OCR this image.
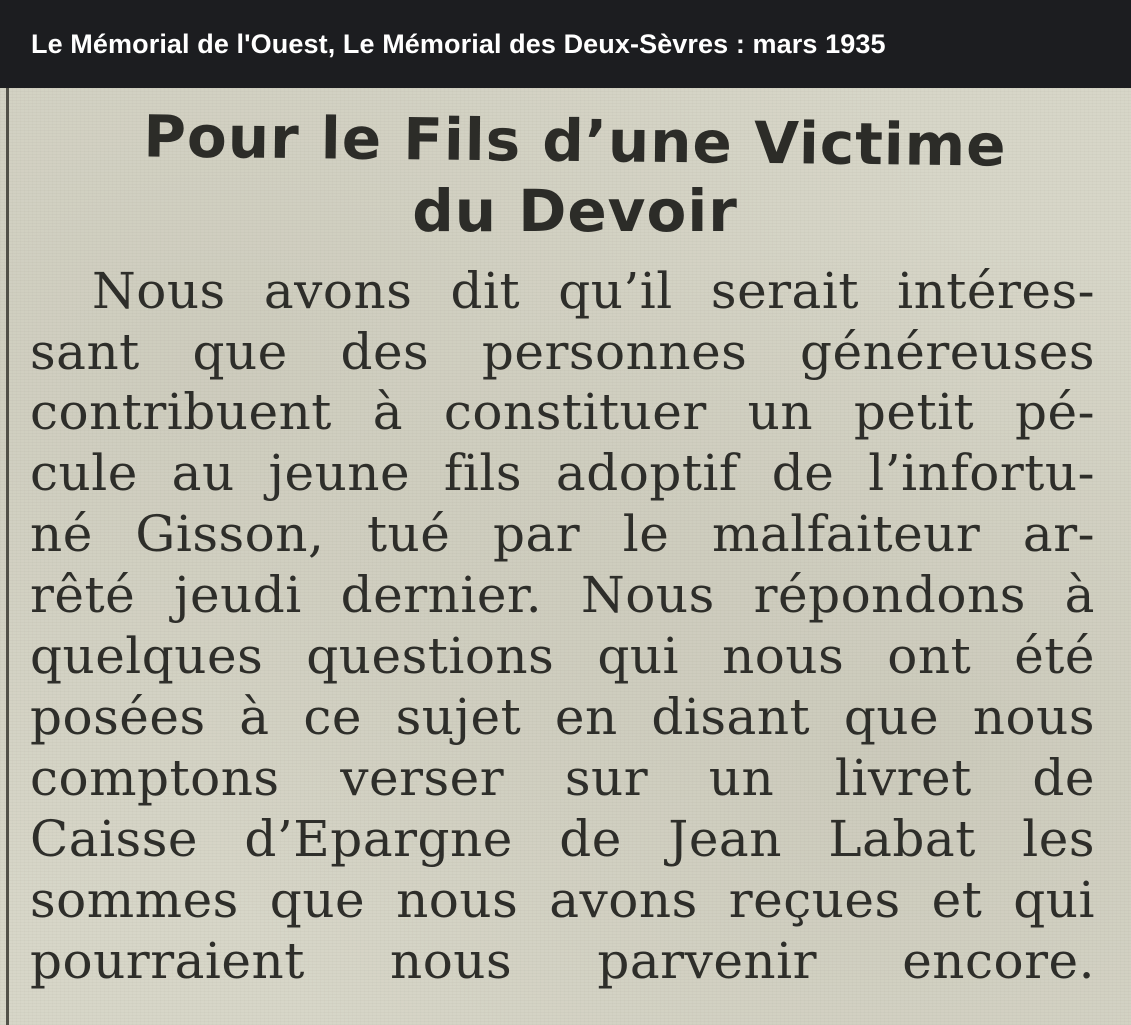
Le Mémorial de l'Ouest, Le Mémorial des Deux-Sèvres : mars 1935
Pour le Fils d’une Victime
du Devoir
Nous avons dit qu’il serait intéres-
sant que des personnes généreuses
contribuent à constituer un petit pé-
cule au jeune fils adoptif de l’infortu-
né Gisson, tué par le malfaiteur ar-
rêté jeudi dernier. Nous répondons à
quelques questions qui nous ont été
posées à ce sujet en disant que nous
comptons verser sur un livret de
Caisse d’Epargne de Jean Labat les
sommes que nous avons reçues et qui
pourraient nous parvenir encore.
